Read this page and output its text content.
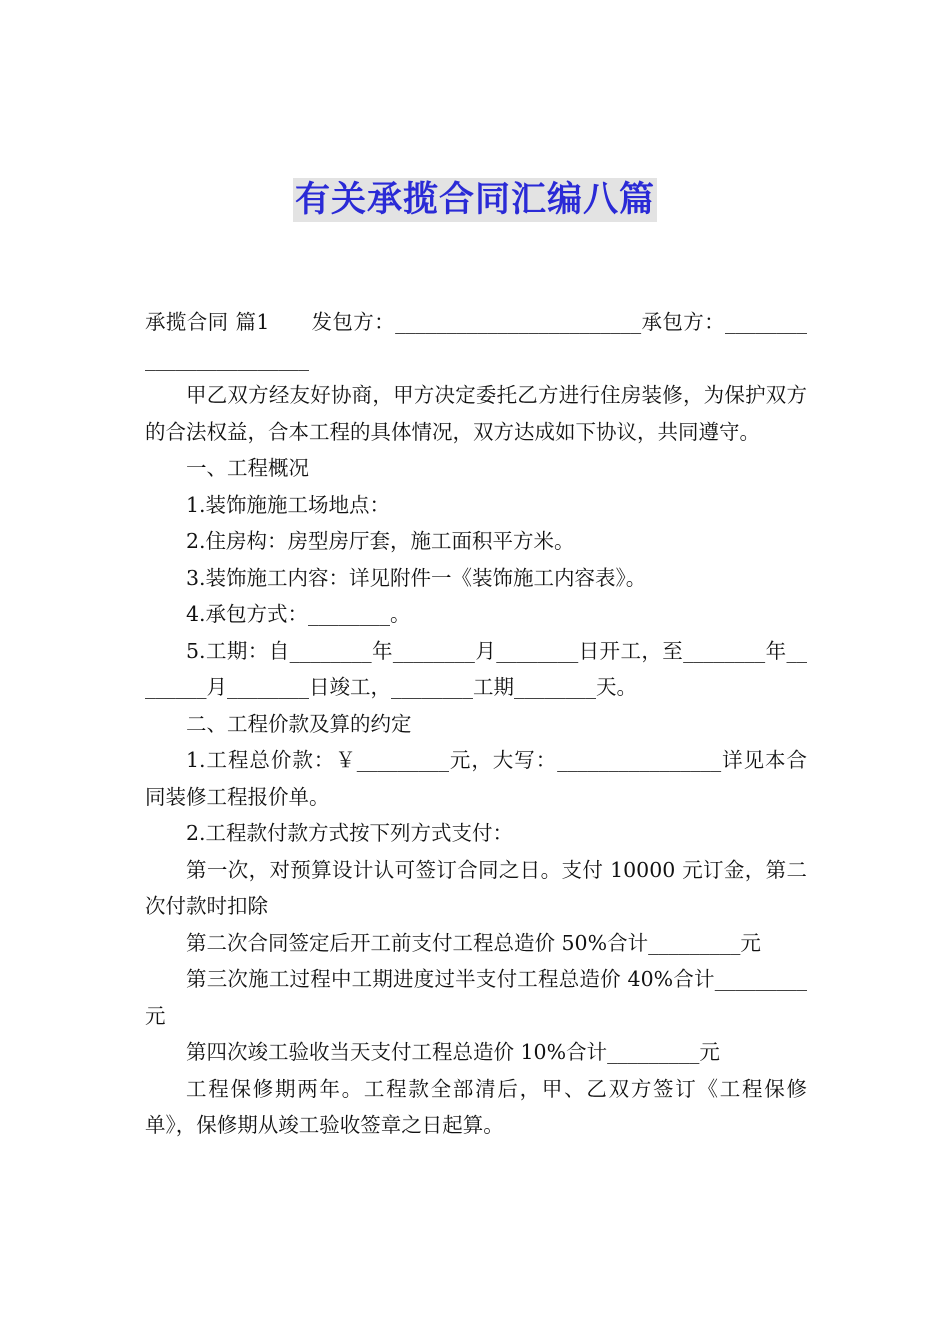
有关承揽合同汇编八篇

承揽合同 篇1　　发包方：________________________承包方：________________________

甲乙双方经友好协商，甲方决定委托乙方进行住房装修，为保护双方的合法权益，合本工程的具体情况，双方达成如下协议，共同遵守。

一、工程概况

1.装饰施施工场地点：

2.住房构：房型房厅套，施工面积平方米。

3.装饰施工内容：详见附件一《装饰施工内容表》。

4.承包方式：________。

5.工期：自________年________月________日开工，至________年________月________日竣工，________工期________天。

二、工程价款及算的约定

1.工程总价款：￥_________元，大写：________________详见本合同装修工程报价单。

2.工程款付款方式按下列方式支付：

第一次，对预算设计认可签订合同之日。支付 10000 元订金，第二次付款时扣除

第二次合同签定后开工前支付工程总造价 50%合计_________元

第三次施工过程中工期进度过半支付工程总造价 40%合计_________元

第四次竣工验收当天支付工程总造价 10%合计_________元

工程保修期两年。工程款全部清后，甲、乙双方签订《工程保修单》，保修期从竣工验收签章之日起算。
